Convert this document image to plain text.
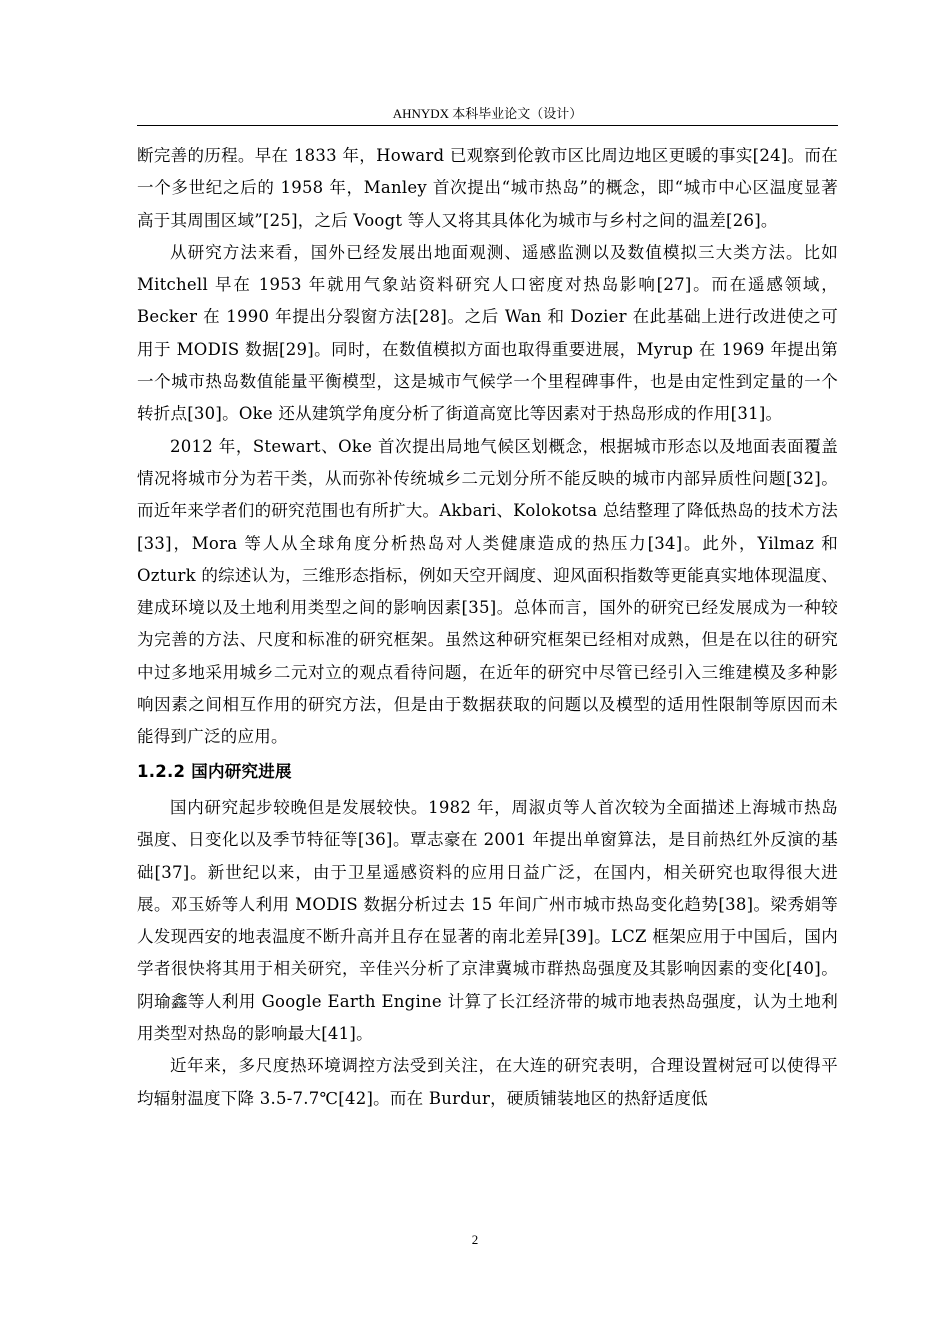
AHNYDX 本科毕业论文（设计）

断完善的历程。早在 1833 年，Howard 已观察到伦敦市区比周边地区更暖的事实[24]。而在一个多世纪之后的 1958 年，Manley 首次提出“城市热岛”的概念，即“城市中心区温度显著高于其周围区域”[25]，之后 Voogt 等人又将其具体化为城市与乡村之间的温差[26]。

从研究方法来看，国外已经发展出地面观测、遥感监测以及数值模拟三大类方法。比如 Mitchell 早在 1953 年就用气象站资料研究人口密度对热岛影响[27]。而在遥感领域，Becker 在 1990 年提出分裂窗方法[28]。之后 Wan 和 Dozier 在此基础上进行改进使之可用于 MODIS 数据[29]。同时，在数值模拟方面也取得重要进展，Myrup 在 1969 年提出第一个城市热岛数值能量平衡模型，这是城市气候学一个里程碑事件，也是由定性到定量的一个转折点[30]。Oke 还从建筑学角度分析了街道高宽比等因素对于热岛形成的作用[31]。

2012 年，Stewart、Oke 首次提出局地气候区划概念，根据城市形态以及地面表面覆盖情况将城市分为若干类，从而弥补传统城乡二元划分所不能反映的城市内部异质性问题[32]。而近年来学者们的研究范围也有所扩大。Akbari、Kolokotsa 总结整理了降低热岛的技术方法[33]，Mora 等人从全球角度分析热岛对人类健康造成的热压力[34]。此外，Yilmaz 和 Ozturk 的综述认为，三维形态指标，例如天空开阔度、迎风面积指数等更能真实地体现温度、建成环境以及土地利用类型之间的影响因素[35]。总体而言，国外的研究已经发展成为一种较为完善的方法、尺度和标准的研究框架。虽然这种研究框架已经相对成熟，但是在以往的研究中过多地采用城乡二元对立的观点看待问题，在近年的研究中尽管已经引入三维建模及多种影响因素之间相互作用的研究方法，但是由于数据获取的问题以及模型的适用性限制等原因而未能得到广泛的应用。

1.2.2 国内研究进展

国内研究起步较晚但是发展较快。1982 年，周淑贞等人首次较为全面描述上海城市热岛强度、日变化以及季节特征等[36]。覃志豪在 2001 年提出单窗算法，是目前热红外反演的基础[37]。新世纪以来，由于卫星遥感资料的应用日益广泛，在国内，相关研究也取得很大进展。邓玉娇等人利用 MODIS 数据分析过去 15 年间广州市城市热岛变化趋势[38]。梁秀娟等人发现西安的地表温度不断升高并且存在显著的南北差异[39]。LCZ 框架应用于中国后，国内学者很快将其用于相关研究，辛佳兴分析了京津冀城市群热岛强度及其影响因素的变化[40]。阴瑜鑫等人利用 Google Earth Engine 计算了长江经济带的城市地表热岛强度，认为土地利用类型对热岛的影响最大[41]。

近年来，多尺度热环境调控方法受到关注，在大连的研究表明，合理设置树冠可以使得平均辐射温度下降 3.5-7.7℃[42]。而在 Burdur，硬质铺装地区的热舒适度低

2
